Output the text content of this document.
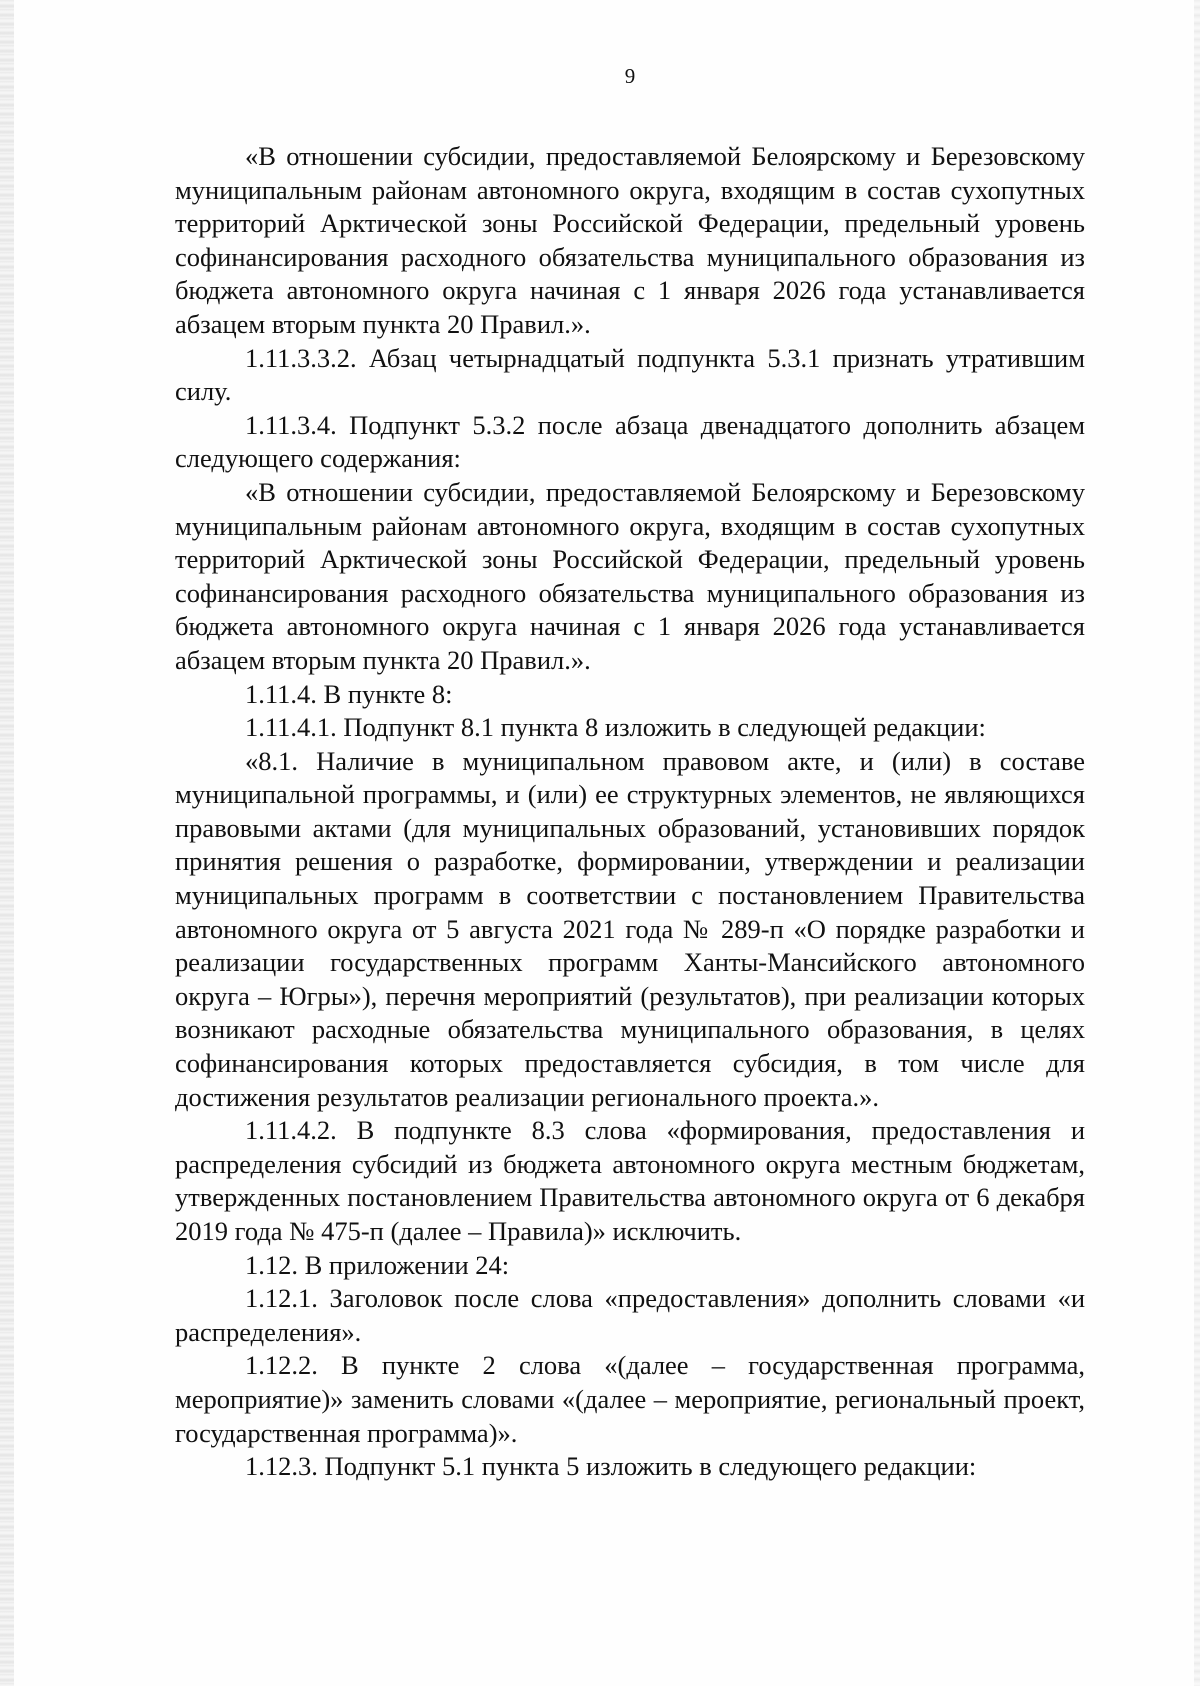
9

«В отношении субсидии, предоставляемой Белоярскому и Березовскому муниципальным районам автономного округа, входящим в состав сухопутных территорий Арктической зоны Российской Федерации, предельный уровень софинансирования расходного обязательства муниципального образования из бюджета автономного округа начиная с 1 января 2026 года устанавливается абзацем вторым пункта 20 Правил.».

1.11.3.3.2. Абзац четырнадцатый подпункта 5.3.1 признать утратившим силу.

1.11.3.4. Подпункт 5.3.2 после абзаца двенадцатого дополнить абзацем следующего содержания:

«В отношении субсидии, предоставляемой Белоярскому и Березовскому муниципальным районам автономного округа, входящим в состав сухопутных территорий Арктической зоны Российской Федерации, предельный уровень софинансирования расходного обязательства муниципального образования из бюджета автономного округа начиная с 1 января 2026 года устанавливается абзацем вторым пункта 20 Правил.».

1.11.4. В пункте 8:

1.11.4.1. Подпункт 8.1 пункта 8 изложить в следующей редакции:

«8.1. Наличие в муниципальном правовом акте, и (или) в составе муниципальной программы, и (или) ее структурных элементов, не являющихся правовыми актами (для муниципальных образований, установивших порядок принятия решения о разработке, формировании, утверждении и реализации муниципальных программ в соответствии с постановлением Правительства автономного округа от 5 августа 2021 года № 289-п «О порядке разработки и реализации государственных программ Ханты-Мансийского автономного округа – Югры»), перечня мероприятий (результатов), при реализации которых возникают расходные обязательства муниципального образования, в целях софинансирования которых предоставляется субсидия, в том числе для достижения результатов реализации регионального проекта.».

1.11.4.2. В подпункте 8.3 слова «формирования, предоставления и распределения субсидий из бюджета автономного округа местным бюджетам, утвержденных постановлением Правительства автономного округа от 6 декабря 2019 года № 475-п (далее – Правила)» исключить.

1.12. В приложении 24:

1.12.1. Заголовок после слова «предоставления» дополнить словами «и распределения».

1.12.2. В пункте 2 слова «(далее – государственная программа, мероприятие)» заменить словами «(далее – мероприятие, региональный проект, государственная программа)».

1.12.3. Подпункт 5.1 пункта 5 изложить в следующего редакции:
